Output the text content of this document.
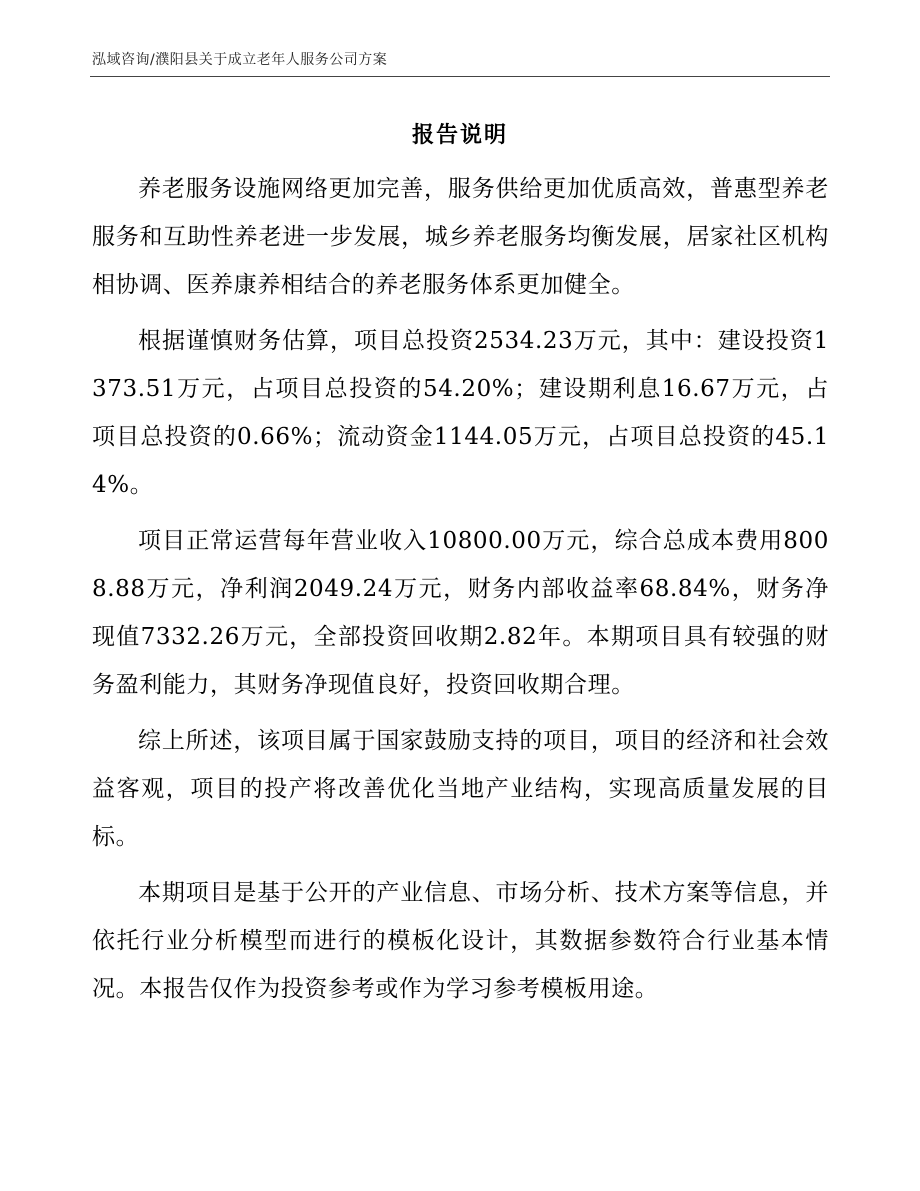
泓域咨询/濮阳县关于成立老年人服务公司方案
报告说明

养老服务设施网络更加完善，服务供给更加优质高效，普惠型养老服务和互助性养老进一步发展，城乡养老服务均衡发展，居家社区机构相协调、医养康养相结合的养老服务体系更加健全。

根据谨慎财务估算，项目总投资2534.23万元，其中：建设投资1373.51万元，占项目总投资的54.20%；建设期利息16.67万元，占项目总投资的0.66%；流动资金1144.05万元，占项目总投资的45.14%。

项目正常运营每年营业收入10800.00万元，综合总成本费用8008.88万元，净利润2049.24万元，财务内部收益率68.84%，财务净现值7332.26万元，全部投资回收期2.82年。本期项目具有较强的财务盈利能力，其财务净现值良好，投资回收期合理。

综上所述，该项目属于国家鼓励支持的项目，项目的经济和社会效益客观，项目的投产将改善优化当地产业结构，实现高质量发展的目标。

本期项目是基于公开的产业信息、市场分析、技术方案等信息，并依托行业分析模型而进行的模板化设计，其数据参数符合行业基本情况。本报告仅作为投资参考或作为学习参考模板用途。
